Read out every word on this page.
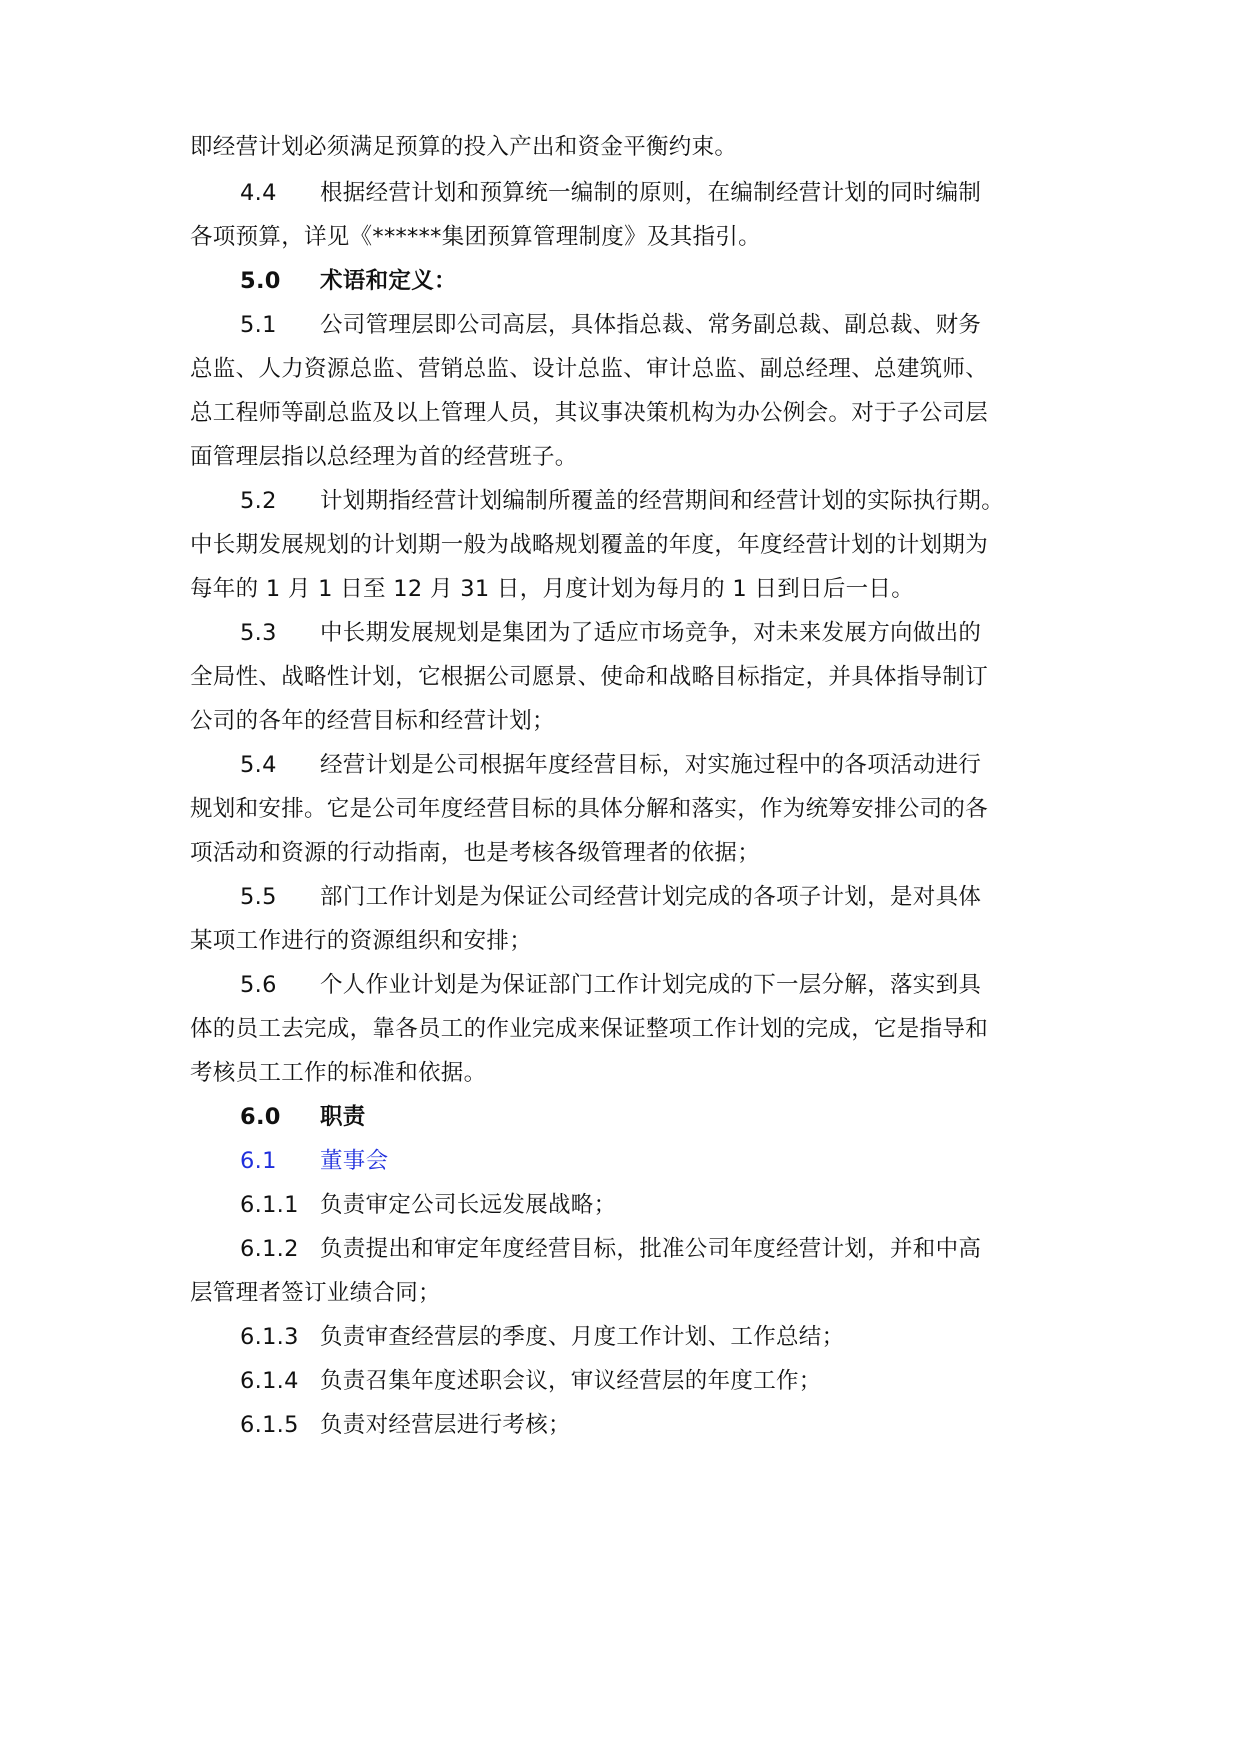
即经营计划必须满足预算的投入产出和资金平衡约束。
4.4 根据经营计划和预算统一编制的原则，在编制经营计划的同时编制
各项预算，详见《******集团预算管理制度》及其指引。
5.0 术语和定义：
5.1 公司管理层即公司高层，具体指总裁、常务副总裁、副总裁、财务
总监、人力资源总监、营销总监、设计总监、审计总监、副总经理、总建筑师、
总工程师等副总监及以上管理人员，其议事决策机构为办公例会。对于子公司层
面管理层指以总经理为首的经营班子。
5.2 计划期指经营计划编制所覆盖的经营期间和经营计划的实际执行期。
中长期发展规划的计划期一般为战略规划覆盖的年度，年度经营计划的计划期为
每年的 1 月 1 日至 12 月 31 日，月度计划为每月的 1 日到日后一日。
5.3 中长期发展规划是集团为了适应市场竞争，对未来发展方向做出的
全局性、战略性计划，它根据公司愿景、使命和战略目标指定，并具体指导制订
公司的各年的经营目标和经营计划；
5.4 经营计划是公司根据年度经营目标，对实施过程中的各项活动进行
规划和安排。它是公司年度经营目标的具体分解和落实，作为统筹安排公司的各
项活动和资源的行动指南，也是考核各级管理者的依据；
5.5 部门工作计划是为保证公司经营计划完成的各项子计划，是对具体
某项工作进行的资源组织和安排；
5.6 个人作业计划是为保证部门工作计划完成的下一层分解，落实到具
体的员工去完成，靠各员工的作业完成来保证整项工作计划的完成，它是指导和
考核员工工作的标准和依据。
6.0 职责
6.1 董事会
6.1.1 负责审定公司长远发展战略；
6.1.2 负责提出和审定年度经营目标，批准公司年度经营计划，并和中高
层管理者签订业绩合同；
6.1.3 负责审查经营层的季度、月度工作计划、工作总结；
6.1.4 负责召集年度述职会议，审议经营层的年度工作；
6.1.5 负责对经营层进行考核；
